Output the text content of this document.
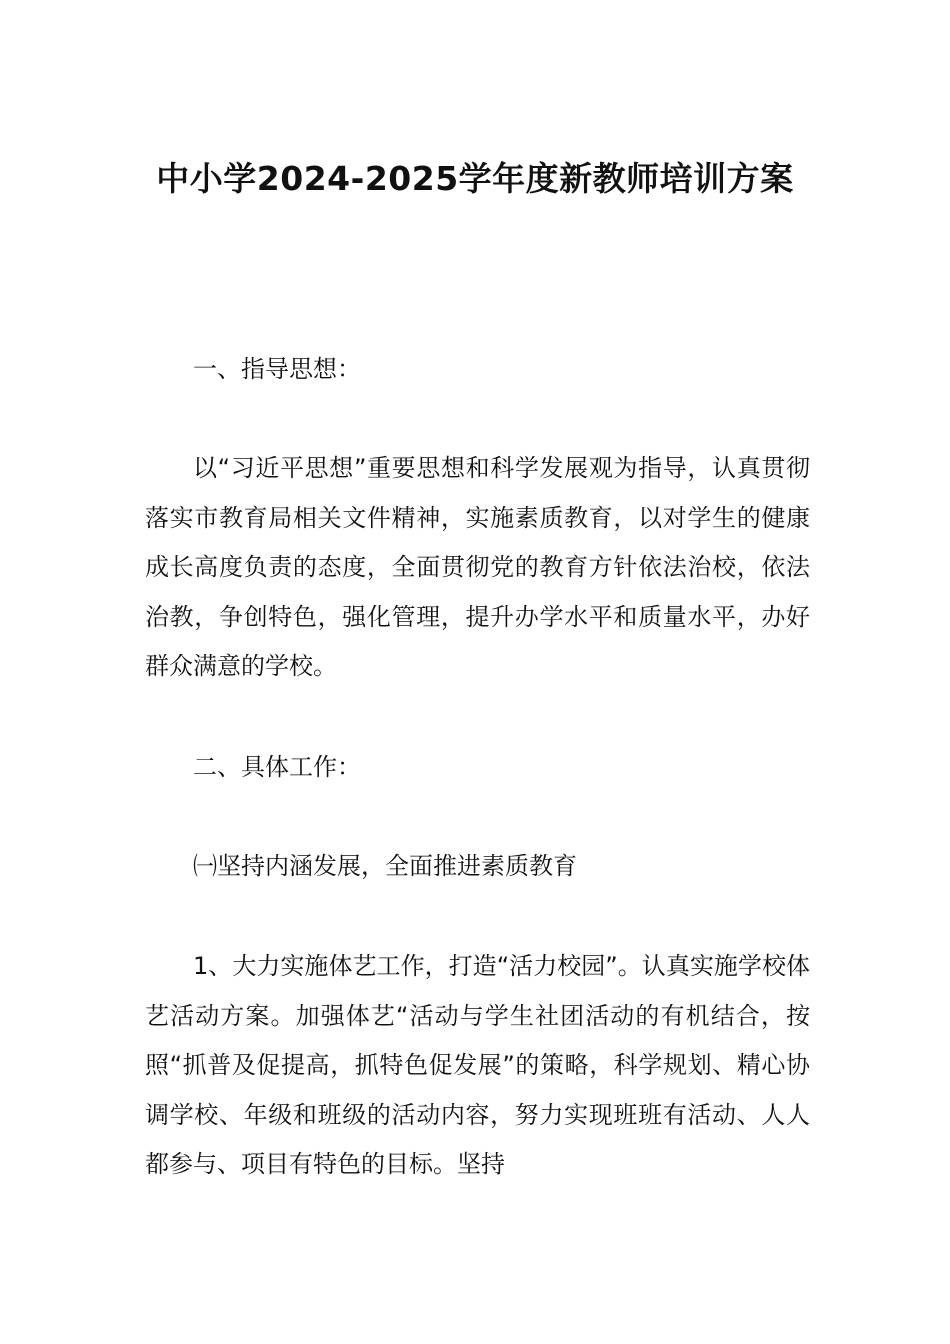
中小学2024-2025学年度新教师培训方案

一、指导思想：

以“习近平思想”重要思想和科学发展观为指导，认真贯彻落实市教育局相关文件精神，实施素质教育，以对学生的健康成长高度负责的态度，全面贯彻党的教育方针依法治校，依法治教，争创特色，强化管理，提升办学水平和质量水平，办好群众满意的学校。

二、具体工作：

㈠坚持内涵发展，全面推进素质教育

1、大力实施体艺工作，打造“活力校园”。认真实施学校体艺活动方案。加强体艺“活动与学生社团活动的有机结合，按照“抓普及促提高，抓特色促发展”的策略，科学规划、精心协调学校、年级和班级的活动内容，努力实现班班有活动、人人都参与、项目有特色的目标。坚持
